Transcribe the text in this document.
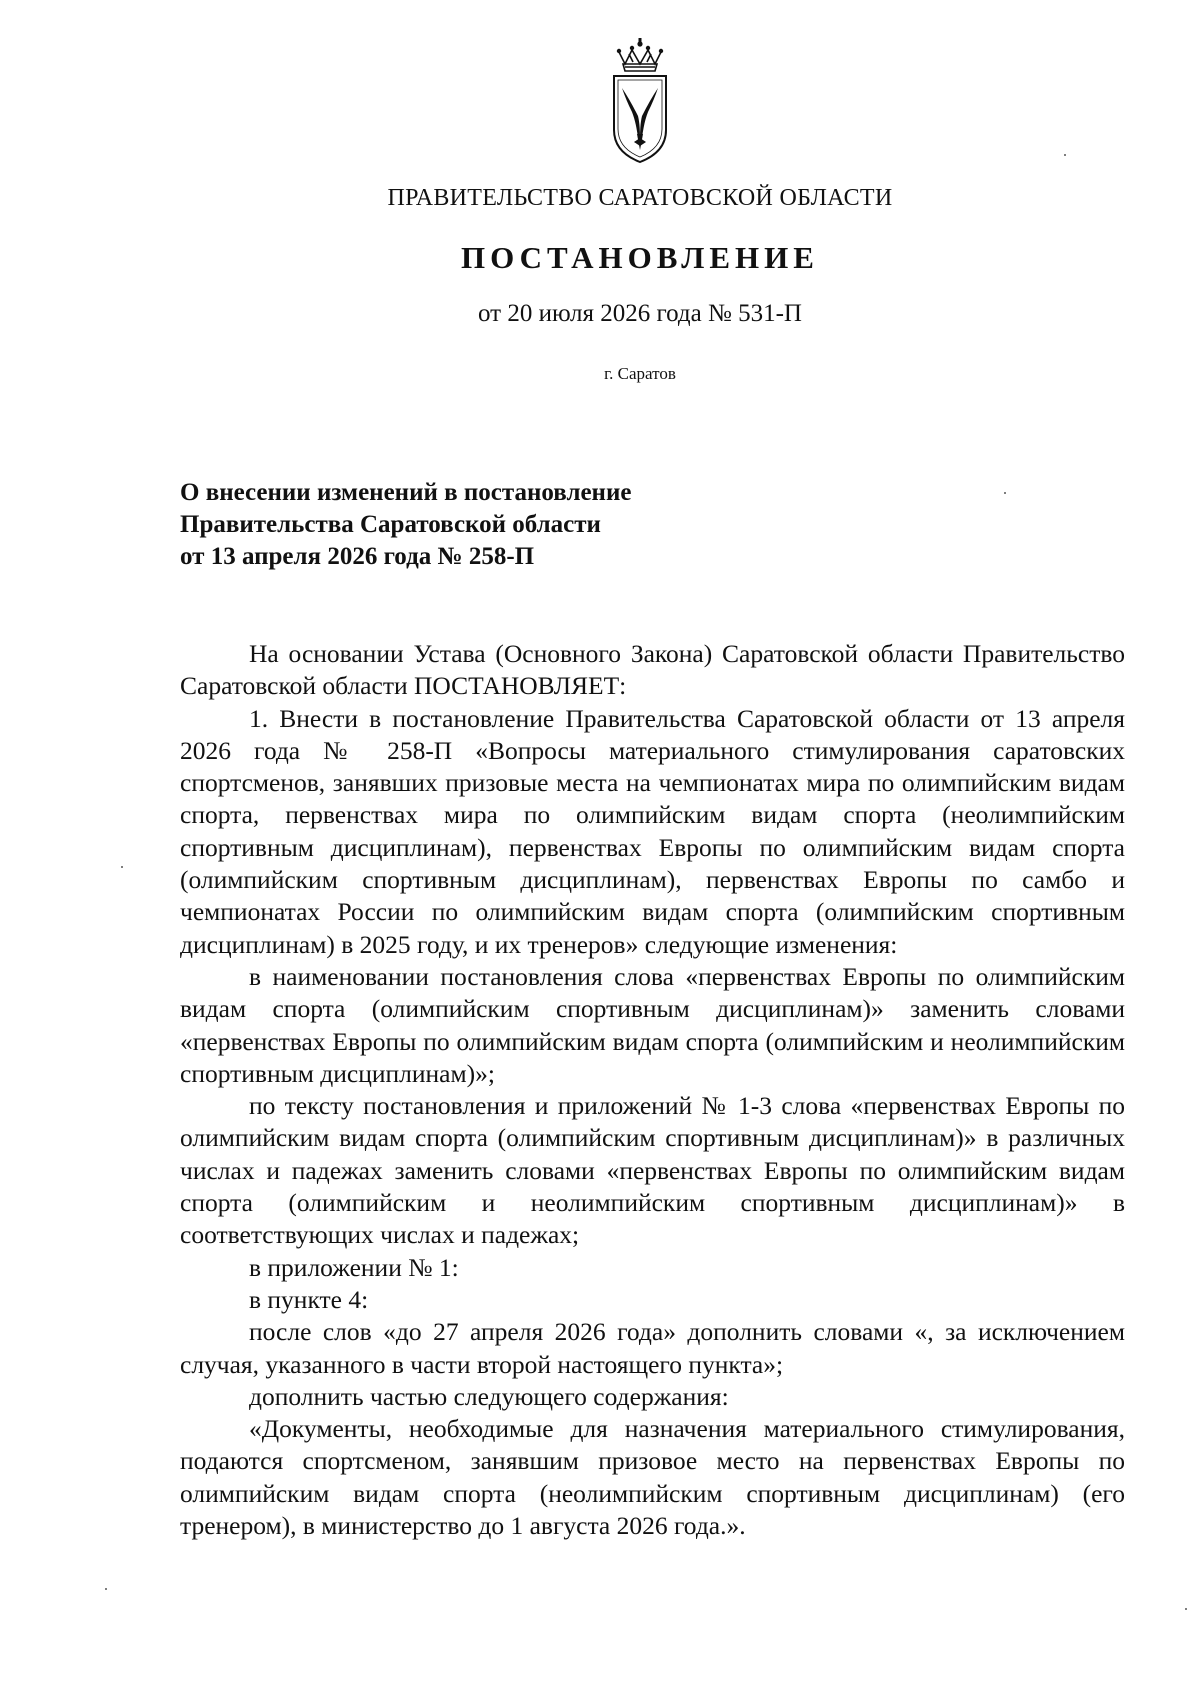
ПРАВИТЕЛЬСТВО САРАТОВСКОЙ ОБЛАСТИ
ПОСТАНОВЛЕНИЕ
от 20 июля 2026 года № 531-П
г. Саратов
О внесении изменений в постановление
Правительства Саратовской области
от 13 апреля 2026 года № 258-П

На основании Устава (Основного Закона) Саратовской области Правительство Саратовской области ПОСТАНОВЛЯЕТ:

1. Внести в постановление Правительства Саратовской области от 13 апреля 2026 года № 258-П «Вопросы материального стимулирования саратовских спортсменов, занявших призовые места на чемпионатах мира по олимпийским видам спорта, первенствах мира по олимпийским видам спорта (неолимпийским спортивным дисциплинам), первенствах Европы по олимпийским видам спорта (олимпийским спортивным дисциплинам), первенствах Европы по самбо и чемпионатах России по олимпийским видам спорта (олимпийским спортивным дисциплинам) в 2025 году, и их тренеров» следующие изменения:

в наименовании постановления слова «первенствах Европы по олимпийским видам спорта (олимпийским спортивным дисциплинам)» заменить словами «первенствах Европы по олимпийским видам спорта (олимпийским и неолимпийским спортивным дисциплинам)»;

по тексту постановления и приложений № 1-3 слова «первенствах Европы по олимпийским видам спорта (олимпийским спортивным дисциплинам)» в различных числах и падежах заменить словами «первенствах Европы по олимпийским видам спорта (олимпийским и неолимпийским спортивным дисциплинам)» в соответствующих числах и падежах;

в приложении № 1:

в пункте 4:

после слов «до 27 апреля 2026 года» дополнить словами «, за исключением случая, указанного в части второй настоящего пункта»;

дополнить частью следующего содержания:

«Документы, необходимые для назначения материального стимулирования, подаются спортсменом, занявшим призовое место на первенствах Европы по олимпийским видам спорта (неолимпийским спортивным дисциплинам) (его тренером), в министерство до 1 августа 2026 года.».
